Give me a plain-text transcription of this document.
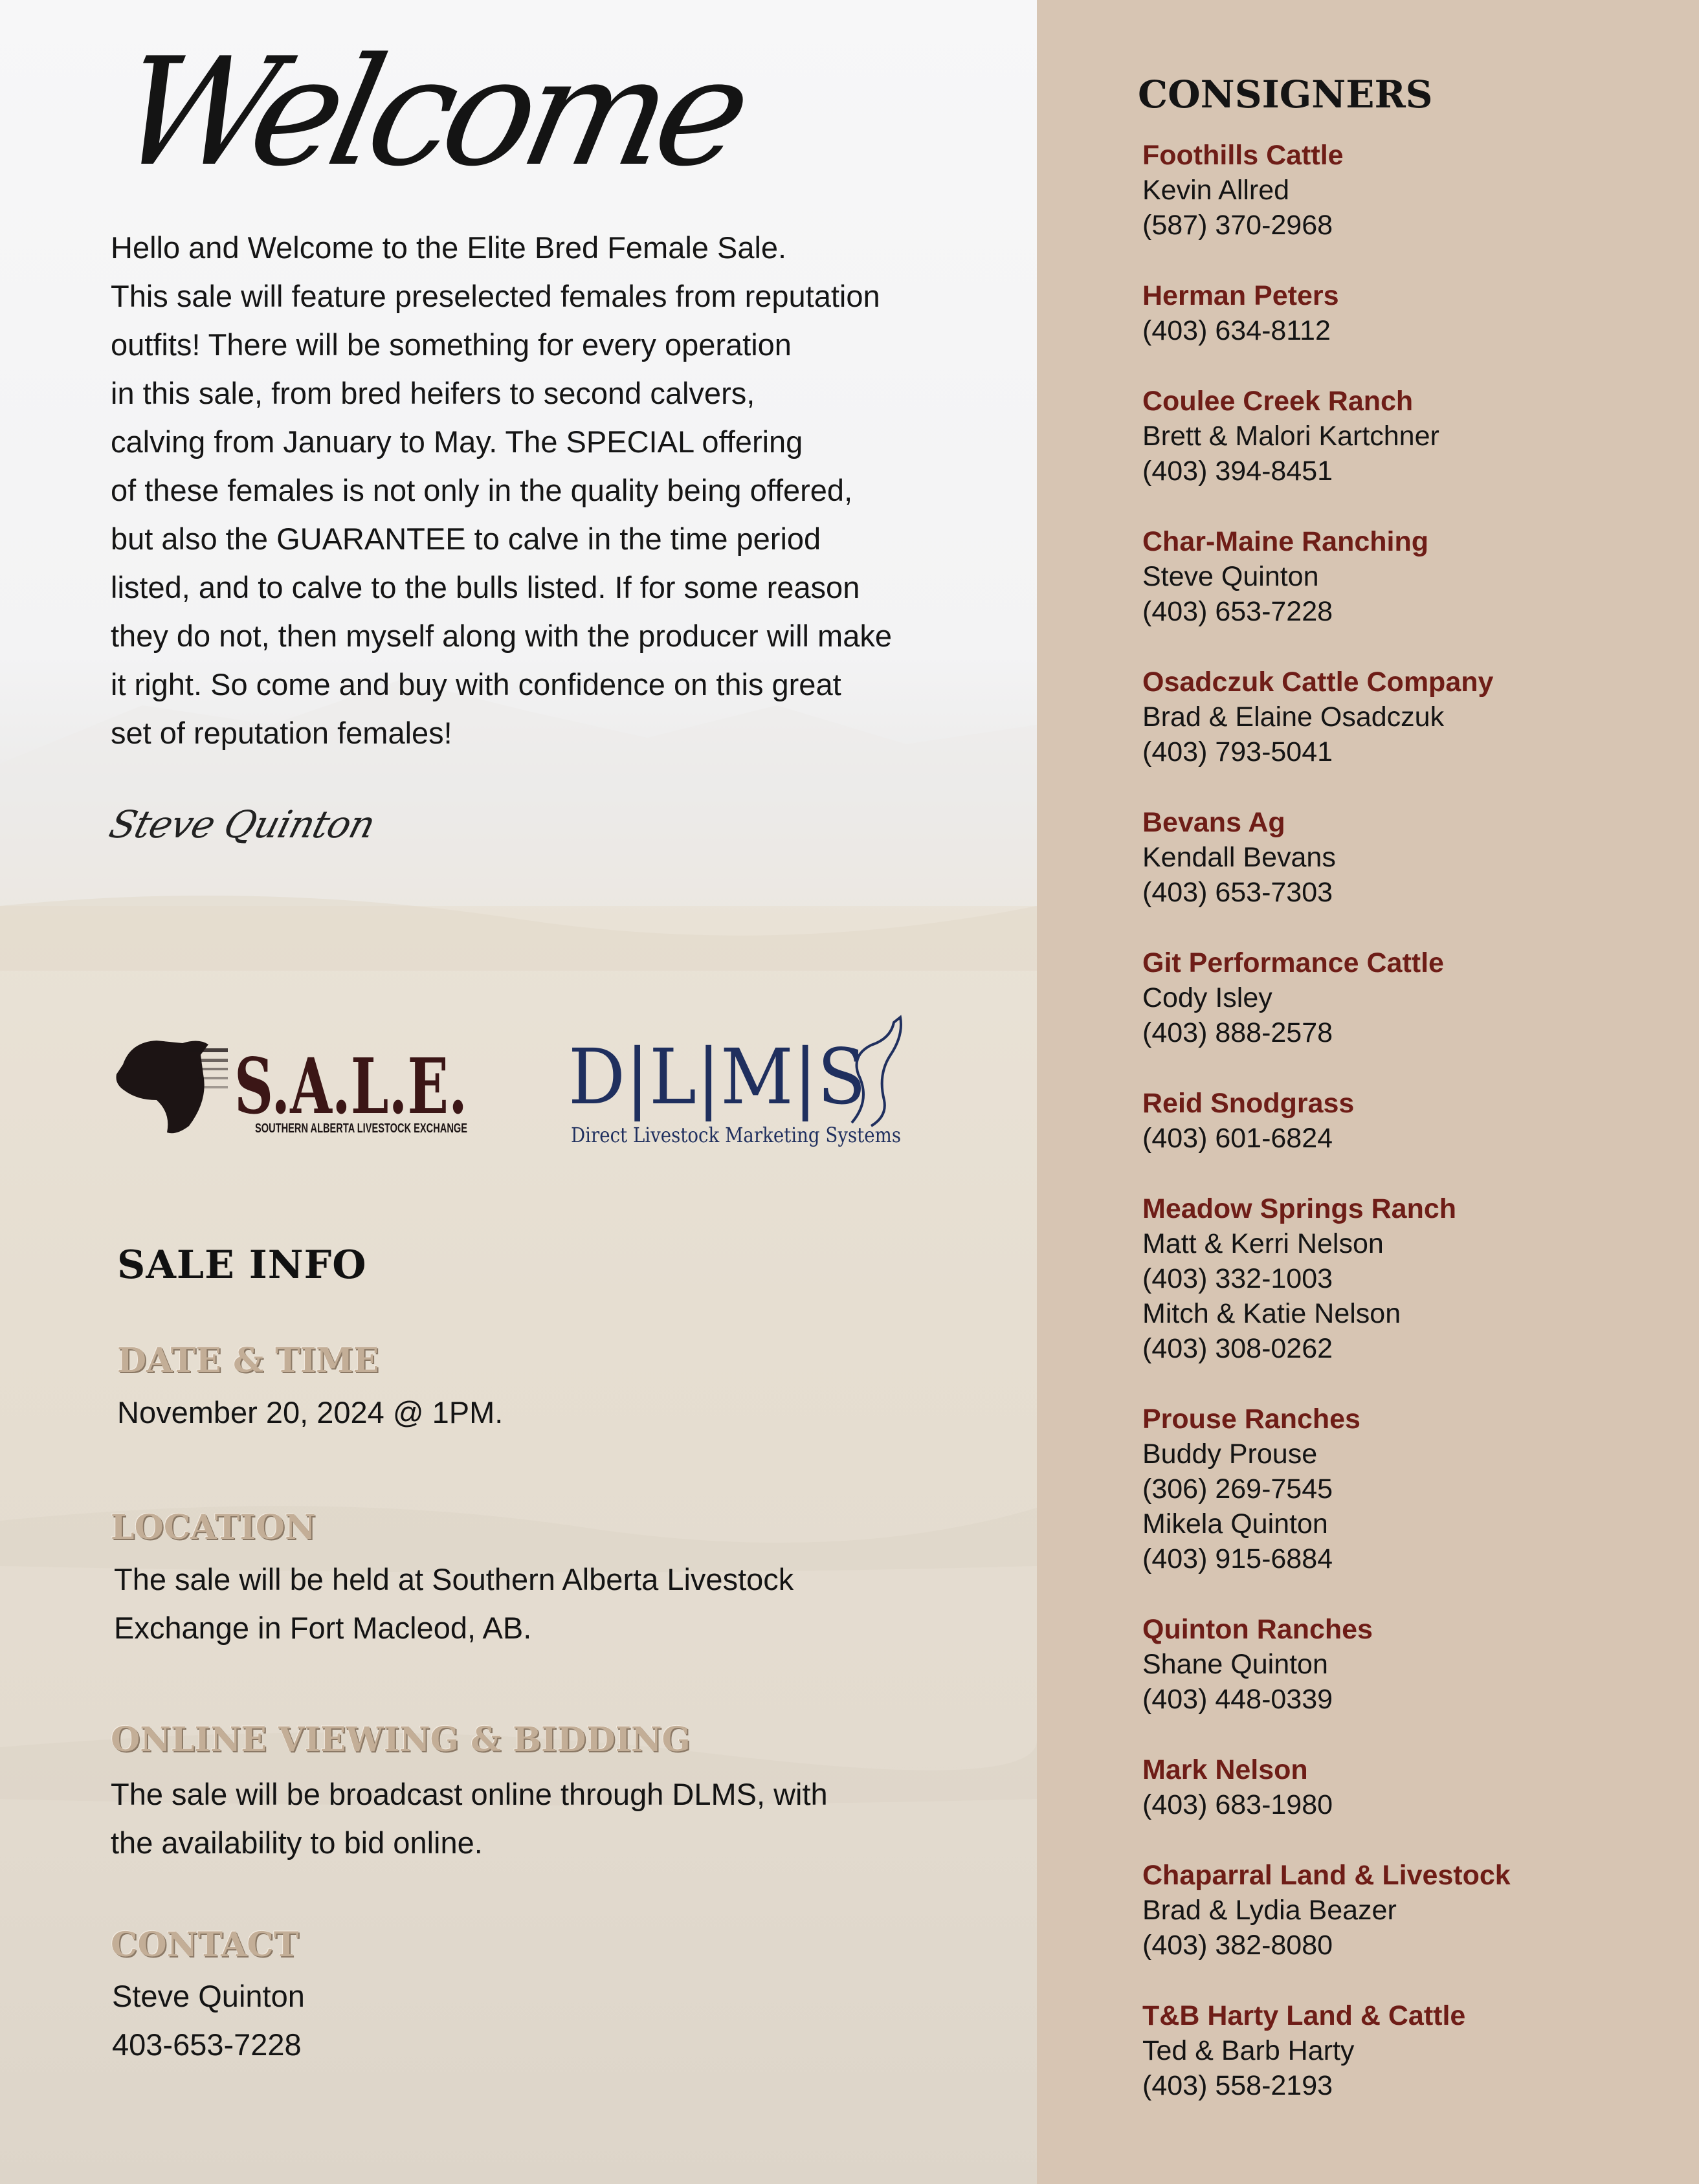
Welcome

Hello and Welcome to the Elite Bred Female Sale.

This sale will feature preselected females from reputation

outfits! There will be something for every operation

in this sale, from bred heifers to second calvers,

calving from January to May. The SPECIAL offering

of these females is not only in the quality being offered,

but also the GUARANTEE to calve in the time period

listed, and to calve to the bulls listed. If for some reason

they do not, then myself along with the producer will make

it right. So come and buy with confidence on this great

set of reputation females!

Steve Quinton
S.A.L.E.
SOUTHERN ALBERTA LIVESTOCK EXCHANGE
D|L|M|S
Direct Livestock Marketing Systems
SALE INFO
DATE & TIME
November 20, 2024 @ 1PM.
LOCATION
The sale will be held at Southern Alberta Livestock
Exchange in Fort Macleod, AB.
ONLINE VIEWING & BIDDING
The sale will be broadcast online through DLMS, with
the availability to bid online.
CONTACT
Steve Quinton
403-653-7228
CONSIGNERS
Foothills Cattle
Kevin Allred
(587) 370-2968
Herman Peters
(403) 634-8112
Coulee Creek Ranch
Brett & Malori Kartchner
(403) 394-8451
Char-Maine Ranching
Steve Quinton
(403) 653-7228
Osadczuk Cattle Company
Brad & Elaine Osadczuk
(403) 793-5041
Bevans Ag
Kendall Bevans
(403) 653-7303
Git Performance Cattle
Cody Isley
(403) 888-2578
Reid Snodgrass
(403) 601-6824
Meadow Springs Ranch
Matt & Kerri Nelson
(403) 332-1003
Mitch & Katie Nelson
(403) 308-0262
Prouse Ranches
Buddy Prouse
(306) 269-7545
Mikela Quinton
(403) 915-6884
Quinton Ranches
Shane Quinton
(403) 448-0339
Mark Nelson
(403) 683-1980
Chaparral Land & Livestock
Brad & Lydia Beazer
(403) 382-8080
T&B Harty Land & Cattle
Ted & Barb Harty
(403) 558-2193
